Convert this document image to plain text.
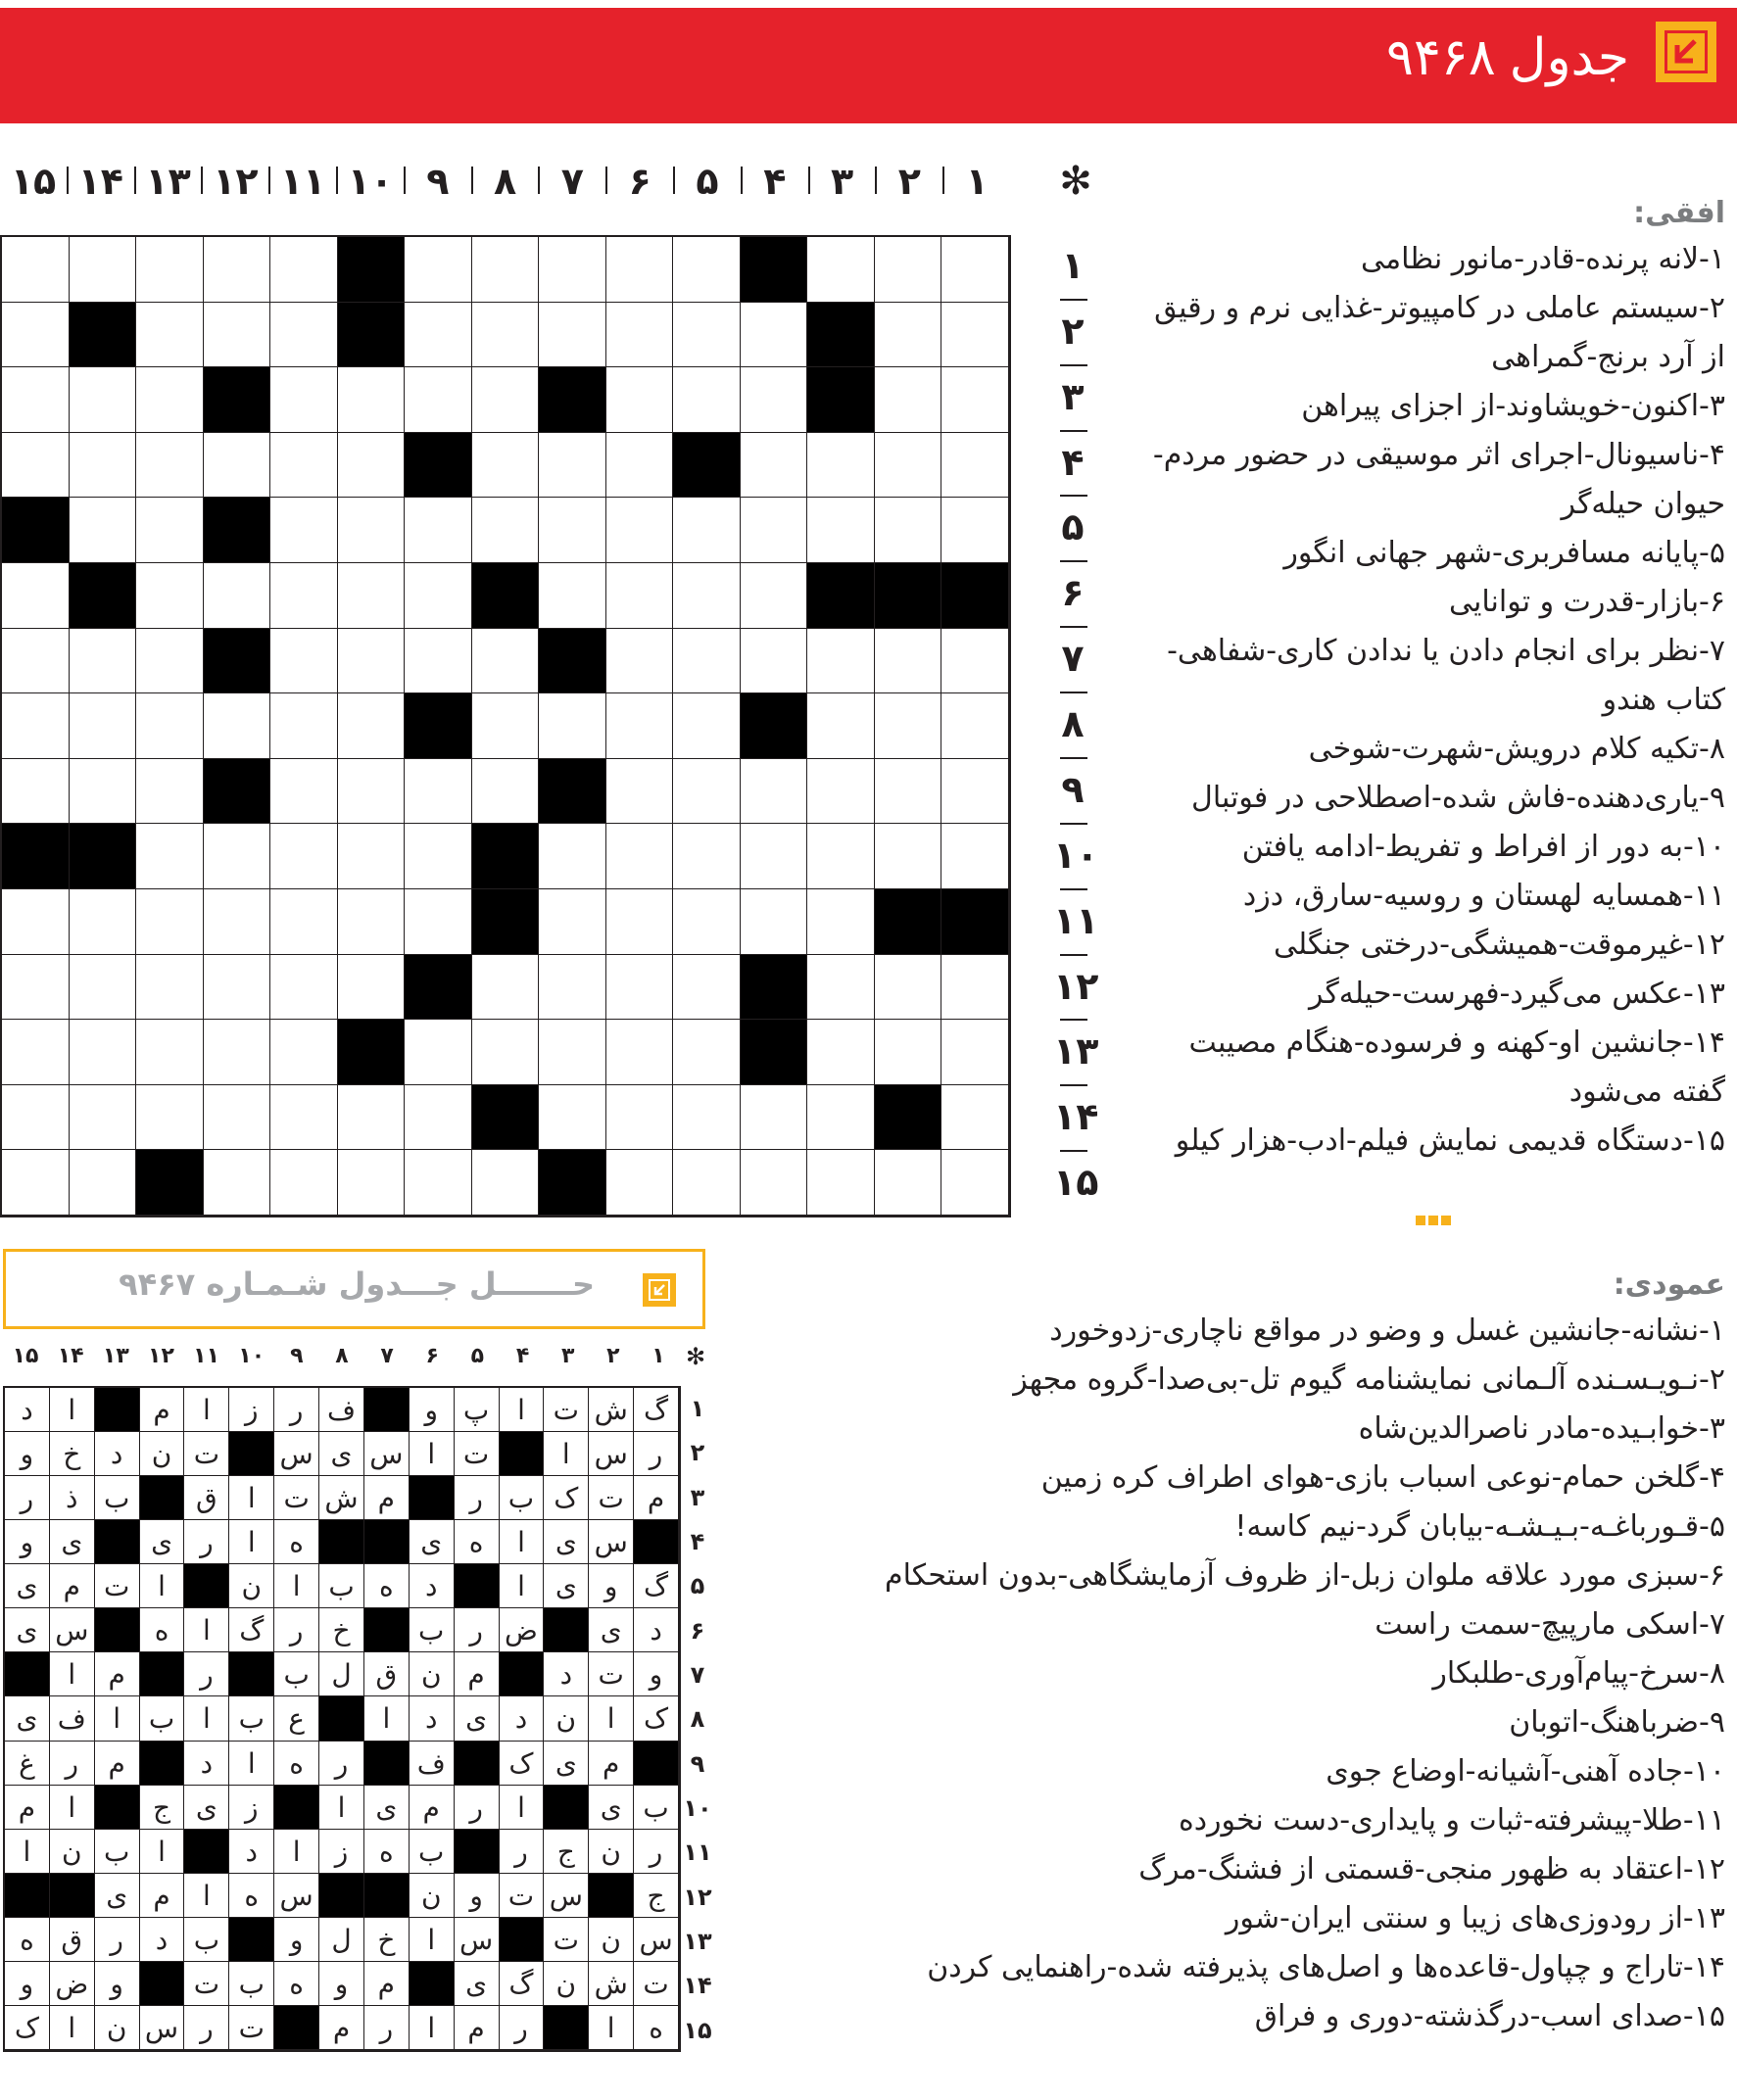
جدول۹۴۶۸
۱
۲
۳
۴
۵
۶
۷
۸
۹
۱۰
۱۱
۱۲
۱۳
۱۴
۱۵	✻
۱
۲
۳
۴
۵
۶
۷
۸
۹
۱۰
۱۱
۱۲
۱۳
۱۴
۱۵
افقی:
۱-لانه پرنده-قادر-مانور نظامی
۲-سیستم عاملی در کامپیوتر-غذایی نرم و رقیق از آرد برنج-گمراهی
۳-اکنون-خویشاوند-از اجزای پیراهن
۴-ناسیونال-اجرای اثر موسیقی در حضور مردم-حیوان حیله‌گر
۵-پایانه مسافربری-شهر جهانی انگور
۶-بازار-قدرت و توانایی
۷-نظر برای انجام دادن یا ندادن کاری-شفاهی-کتاب هندو
۸-تکیه کلام درویش-شهرت-شوخی
۹-یاری‌دهنده-فاش شده-اصطلاحی در فوتبال
۱۰-به دور از افراط و تفریط-ادامه یافتن
۱۱-همسایه لهستان و روسیه-سارق، دزد
۱۲-غیرموقت-همیشگی-درختی جنگلی
۱۳-عکس می‌گیرد-فهرست-حیله‌گر
۱۴-جانشین او-کهنه و فرسوده-هنگام مصیبت گفته می‌شود
۱۵-دستگاه قدیمی نمایش فیلم-ادب-هزار کیلو
عمودی:
۱-نشانه-جانشین غسل و وضو در مواقع ناچاری-زدوخورد
۲-نـویـسـنده آلـمانی نمایشنامه گیوم تل-بی‌صدا-گروه مجهز
۳-خوابـیده-مادر ناصرالدین‌شاه
۴-گلخن حمام-نوعی اسباب بازی-هوای اطراف کره زمین
۵-قـورباغـه-بـیـشـه-بیابان گرد-نیم کاسه!
۶-سبزی مورد علاقه ملوان زبل-از ظروف آزمایشگاهی-بدون استحکام
۷-اسکی مارپیچ-سمت راست
۸-سرخ-پیام‌آوری-طلبکار
۹-ضرباهنگ-اتوبان
۱۰-جاده آهنی-آشیانه-اوضاع جوی
۱۱-طلا-پیشرفته-ثبات و پایداری-دست نخورده
۱۲-اعتقاد به ظهور منجی-قسمتی از فشنگ-مرگ
۱۳-از رودوزی‌های زیبا و سنتی ایران-شور
۱۴-تاراج و چپاول-قاعده‌ها و اصل‌های پذیرفته شده-راهنمایی کردن
۱۵-صدای اسب-درگذشته-دوری و فراق
حـــــــل جـــدول شـمـاره ۹۴۶۷
۱
۲
۳
۴
۵
۶
۷
۸
۹
۱۰
۱۱
۱۲
۱۳
۱۴
۱۵	✻
گ
ش
ت
ا
پ
و
ف
ر
ز
ا
م
ا
د
ر
س
ا
ت
ا
س
ی
س
ت
ن
د
خ
و
م
ت
ک
ب
ر
م
ش
ت
ا
ق
ب
ذ
ر
س
ی
ا
ه
ی
ه
ا
ر
ی
ی
و
گ
و
ی
ا
د
ه
ب
ا
ن
ا
ت
م
ی
د
ی
ض
ر
ب
خ
ر
گ
ا
ه
س
ی
و
ت
د
م
ن
ق
ل
ب
ر
م
ا
ک
ا
ن
د
ی
د
ا
ع
ب
ا
ب
ا
ف
ی
م
ی
ک
ف
ر
ه
ا
د
م
ر
غ
ب
ی
ا
ر
م
ی
ا
ز
ی
ج
ا
م
ر
ن
ج
ر
ب
ه
ز
ا
د
ا
ب
ن
ا
ج
س
ت
و
ن
س
ه
ا
م
ی
س
ن
ت
س
ا
خ
ل
و
ب
د
ر
ق
ه
ت
ش
ن
گ
ی
م
و
ه
ب
ت
و
ض
و
ه
ا
ر
م
ا
ر
م
ت
ر
س
ن
ا
ک
۱
۲
۳
۴
۵
۶
۷
۸
۹
۱۰
۱۱
۱۲
۱۳
۱۴
۱۵
